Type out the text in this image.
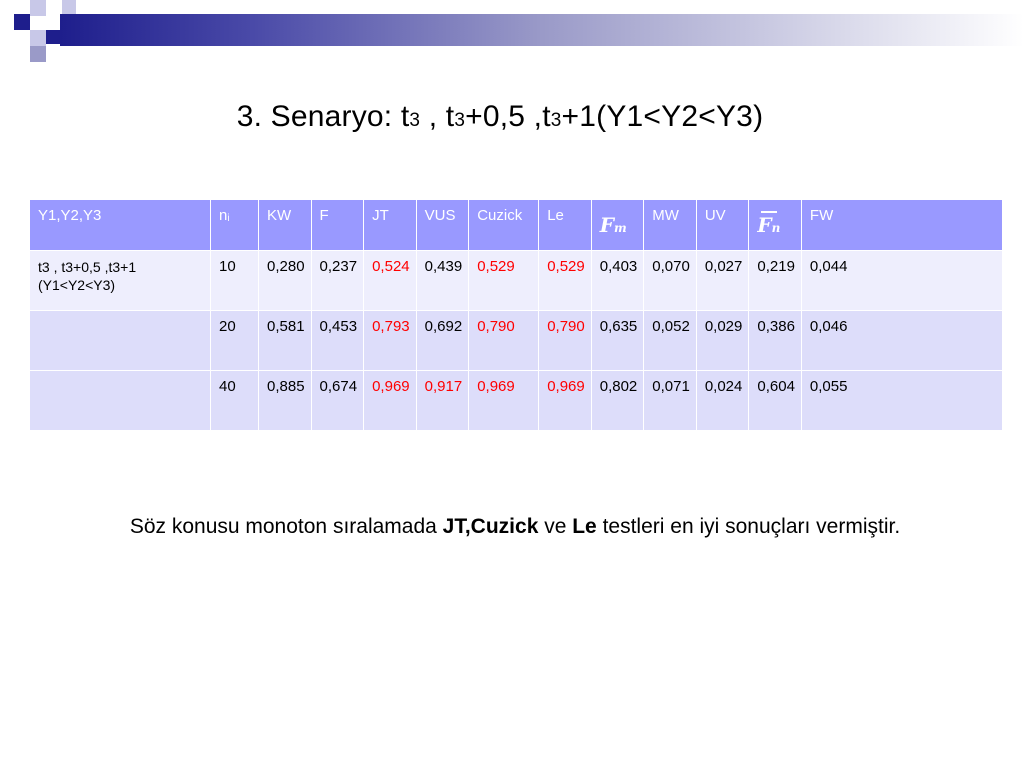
3. Senaryo: t3 , t3+0,5 ,t3+1(Y1<Y2<Y3)
Y1,Y2,Y3	$n_i$	KW	F	JT	VUS	Cuzick	Le	Fm	MW	UV	Fn	FW
t3 , t3+0,5 ,t3+1
(Y1<Y2<Y3)	10	0,280	0,237	0,524	0,439	0,529	0,529	0,403	0,070	0,027	0,219	0,044
	20	0,581	0,453	0,793	0,692	0,790	0,790	0,635	0,052	0,029	0,386	0,046
	40	0,885	0,674	0,969	0,917	0,969	0,969	0,802	0,071	0,024	0,604	0,055
Söz konusu monoton sıralamada JT,Cuzick ve Le testleri en iyi sonuçları vermiştir.
